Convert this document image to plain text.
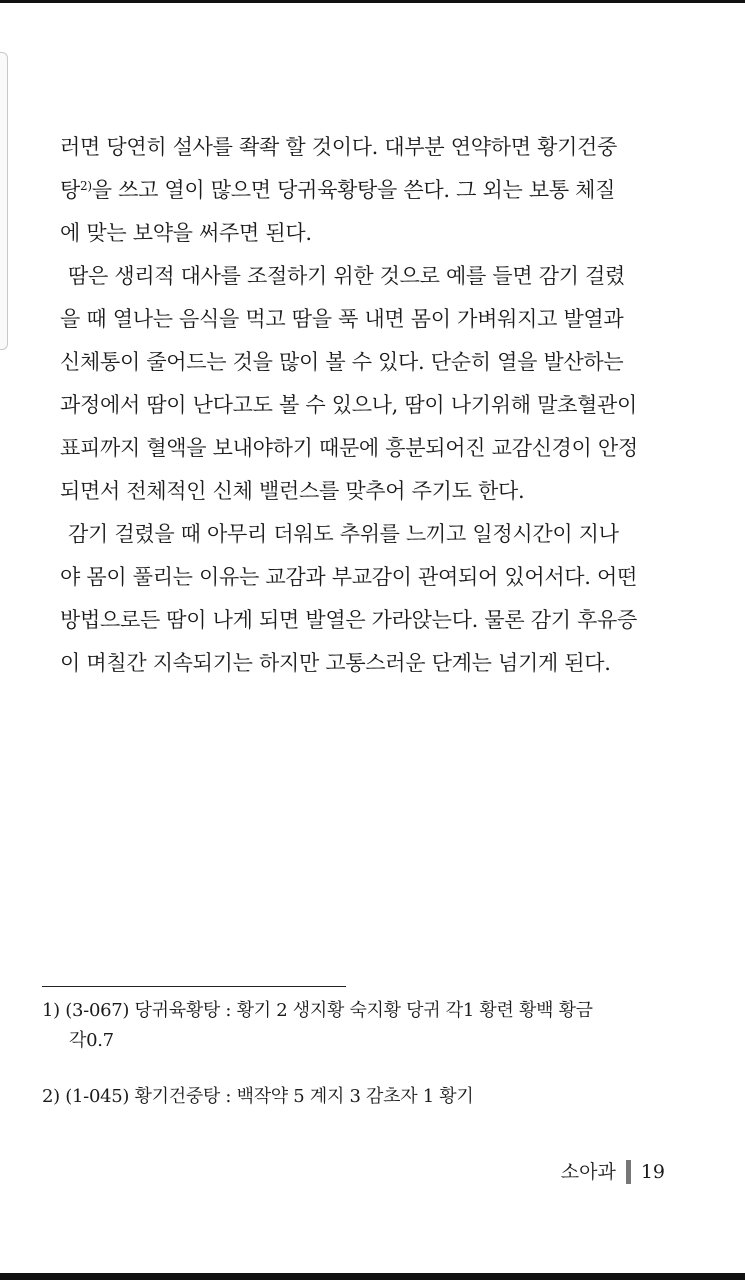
러면 당연히 설사를 좍좍 할 것이다. 대부분 연약하면 황기건중
탕$^{2)}$을 쓰고 열이 많으면 당귀육황탕을 쓴다. 그 외는 보통 체질
에 맞는 보약을 써주면 된다.
땀은 생리적 대사를 조절하기 위한 것으로 예를 들면 감기 걸렸
을 때 열나는 음식을 먹고 땀을 푹 내면 몸이 가벼워지고 발열과
신체통이 줄어드는 것을 많이 볼 수 있다. 단순히 열을 발산하는
과정에서 땀이 난다고도 볼 수 있으나, 땀이 나기위해 말초혈관이
표피까지 혈액을 보내야하기 때문에 흥분되어진 교감신경이 안정
되면서 전체적인 신체 밸런스를 맞추어 주기도 한다.
감기 걸렸을 때 아무리 더워도 추위를 느끼고 일정시간이 지나
야 몸이 풀리는 이유는 교감과 부교감이 관여되어 있어서다. 어떤
방법으로든 땀이 나게 되면 발열은 가라앉는다. 물론 감기 후유증
이 며칠간 지속되기는 하지만 고통스러운 단계는 넘기게 된다.
1) (3-067) 당귀육황탕 : 황기 2 생지황 숙지황 당귀 각1 황련 황백 황금
각0.7
2) (1-045) 황기건중탕 : 백작약 5 계지 3 감초자 1 황기
소아과 19
